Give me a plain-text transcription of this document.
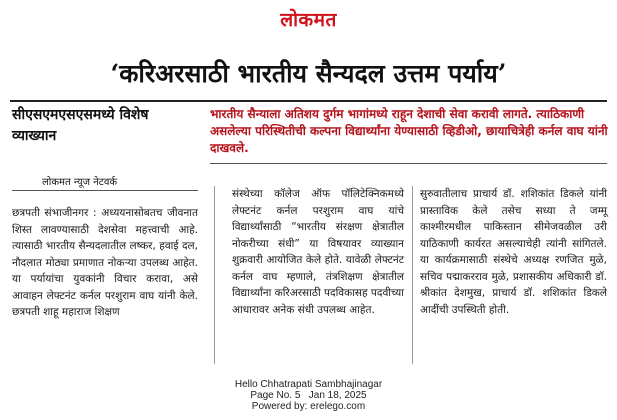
लोकमत
‘करिअरसाठी भारतीय सैन्यदल उत्तम पर्याय’
सीएसएमएसएसमध्ये विशेष व्याख्यान
भारतीय सैन्याला अतिशय दुर्गम भागांमध्ये राहून देशाची सेवा करावी लागते. त्याठिकाणी असलेल्या परिस्थितीची कल्पना विद्यार्थ्यांना येण्यासाठी व्हिडीओ, छायाचित्रेही कर्नल वाघ यांनी दाखवले.
लोकमत न्यूज नेटवर्क
छत्रपती संभाजीनगर : अध्ययनासोबतच जीवनात शिस्त लावण्यासाठी देशसेवा महत्त्वाची आहे. त्यासाठी भारतीय सैन्यदलातील लष्कर, हवाई दल, नौदलात मोठ्या प्रमाणात नोकऱ्या उपलब्ध आहेत. या पर्यायांचा युवकांनी विचार करावा, असे आवाहन लेफ्टनंट कर्नल परशुराम वाघ यांनी केले. छत्रपती शाहू महाराज शिक्षण
संस्थेच्या कॉलेज ऑफ पॉलिटेक्निकमध्ये लेफ्टनंट कर्नल परशुराम वाघ यांचे विद्यार्थ्यांसाठी “भारतीय संरक्षण क्षेत्रातील नोकरीच्या संधी” या विषयावर व्याख्यान शुक्रवारी आयोजित केले होते. यावेळी लेफ्टनंट कर्नल वाघ म्हणाले, तंत्रशिक्षण क्षेत्रातील विद्यार्थ्यांना करिअरसाठी पदविकासह पदवीच्या आधारावर अनेक संधी उपलब्ध आहेत.
सुरुवातीलाच प्राचार्य डॉ. शशिकांत डिकले यांनी प्रास्ताविक केले तसेच सध्या ते जम्मू काश्मीरमधील पाकिस्तान सीमेजवळील उरी याठिकाणी कार्यरत असल्याचेही त्यांनी सांगितले. या कार्यक्रमासाठी संस्थेचे अध्यक्ष रणजित मुळे, सचिव पद्माकरराव मुळे, प्रशासकीय अधिकारी डॉ. श्रीकांत देशमुख, प्राचार्य डॉ. शशिकांत डिकले आदींची उपस्थिती होती.
Hello Chhatrapati Sambhajinagar
Page No. 5   Jan 18, 2025
Powered by: erelego.com
